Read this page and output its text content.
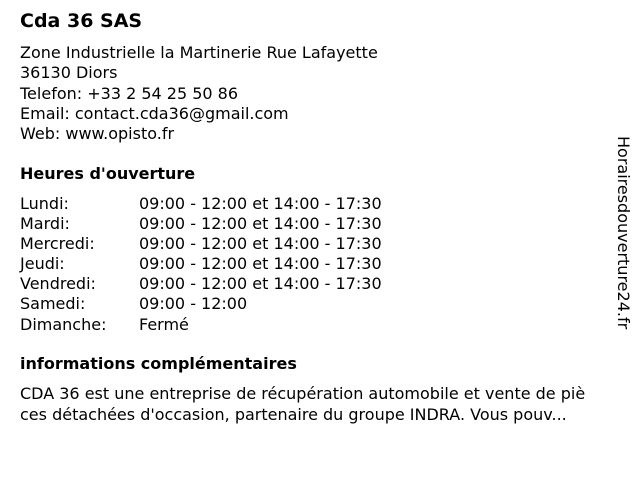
Cda 36 SAS
Zone Industrielle la Martinerie Rue Lafayette
36130 Diors
Telefon: +33 2 54 25 50 86
Email: contact.cda36@gmail.com
Web: www.opisto.fr
Heures d'ouverture
Lundi:	09:00 - 12:00 et 14:00 - 17:30
Mardi:	09:00 - 12:00 et 14:00 - 17:30
Mercredi:	09:00 - 12:00 et 14:00 - 17:30
Jeudi:	09:00 - 12:00 et 14:00 - 17:30
Vendredi:	09:00 - 12:00 et 14:00 - 17:30
Samedi:	09:00 - 12:00
Dimanche:	Fermé
informations complémentaires
CDA 36 est une entreprise de récupération automobile et vente de piè
ces détachées d'occasion, partenaire du groupe INDRA. Vous pouv...
Horairesdouverture24.fr
